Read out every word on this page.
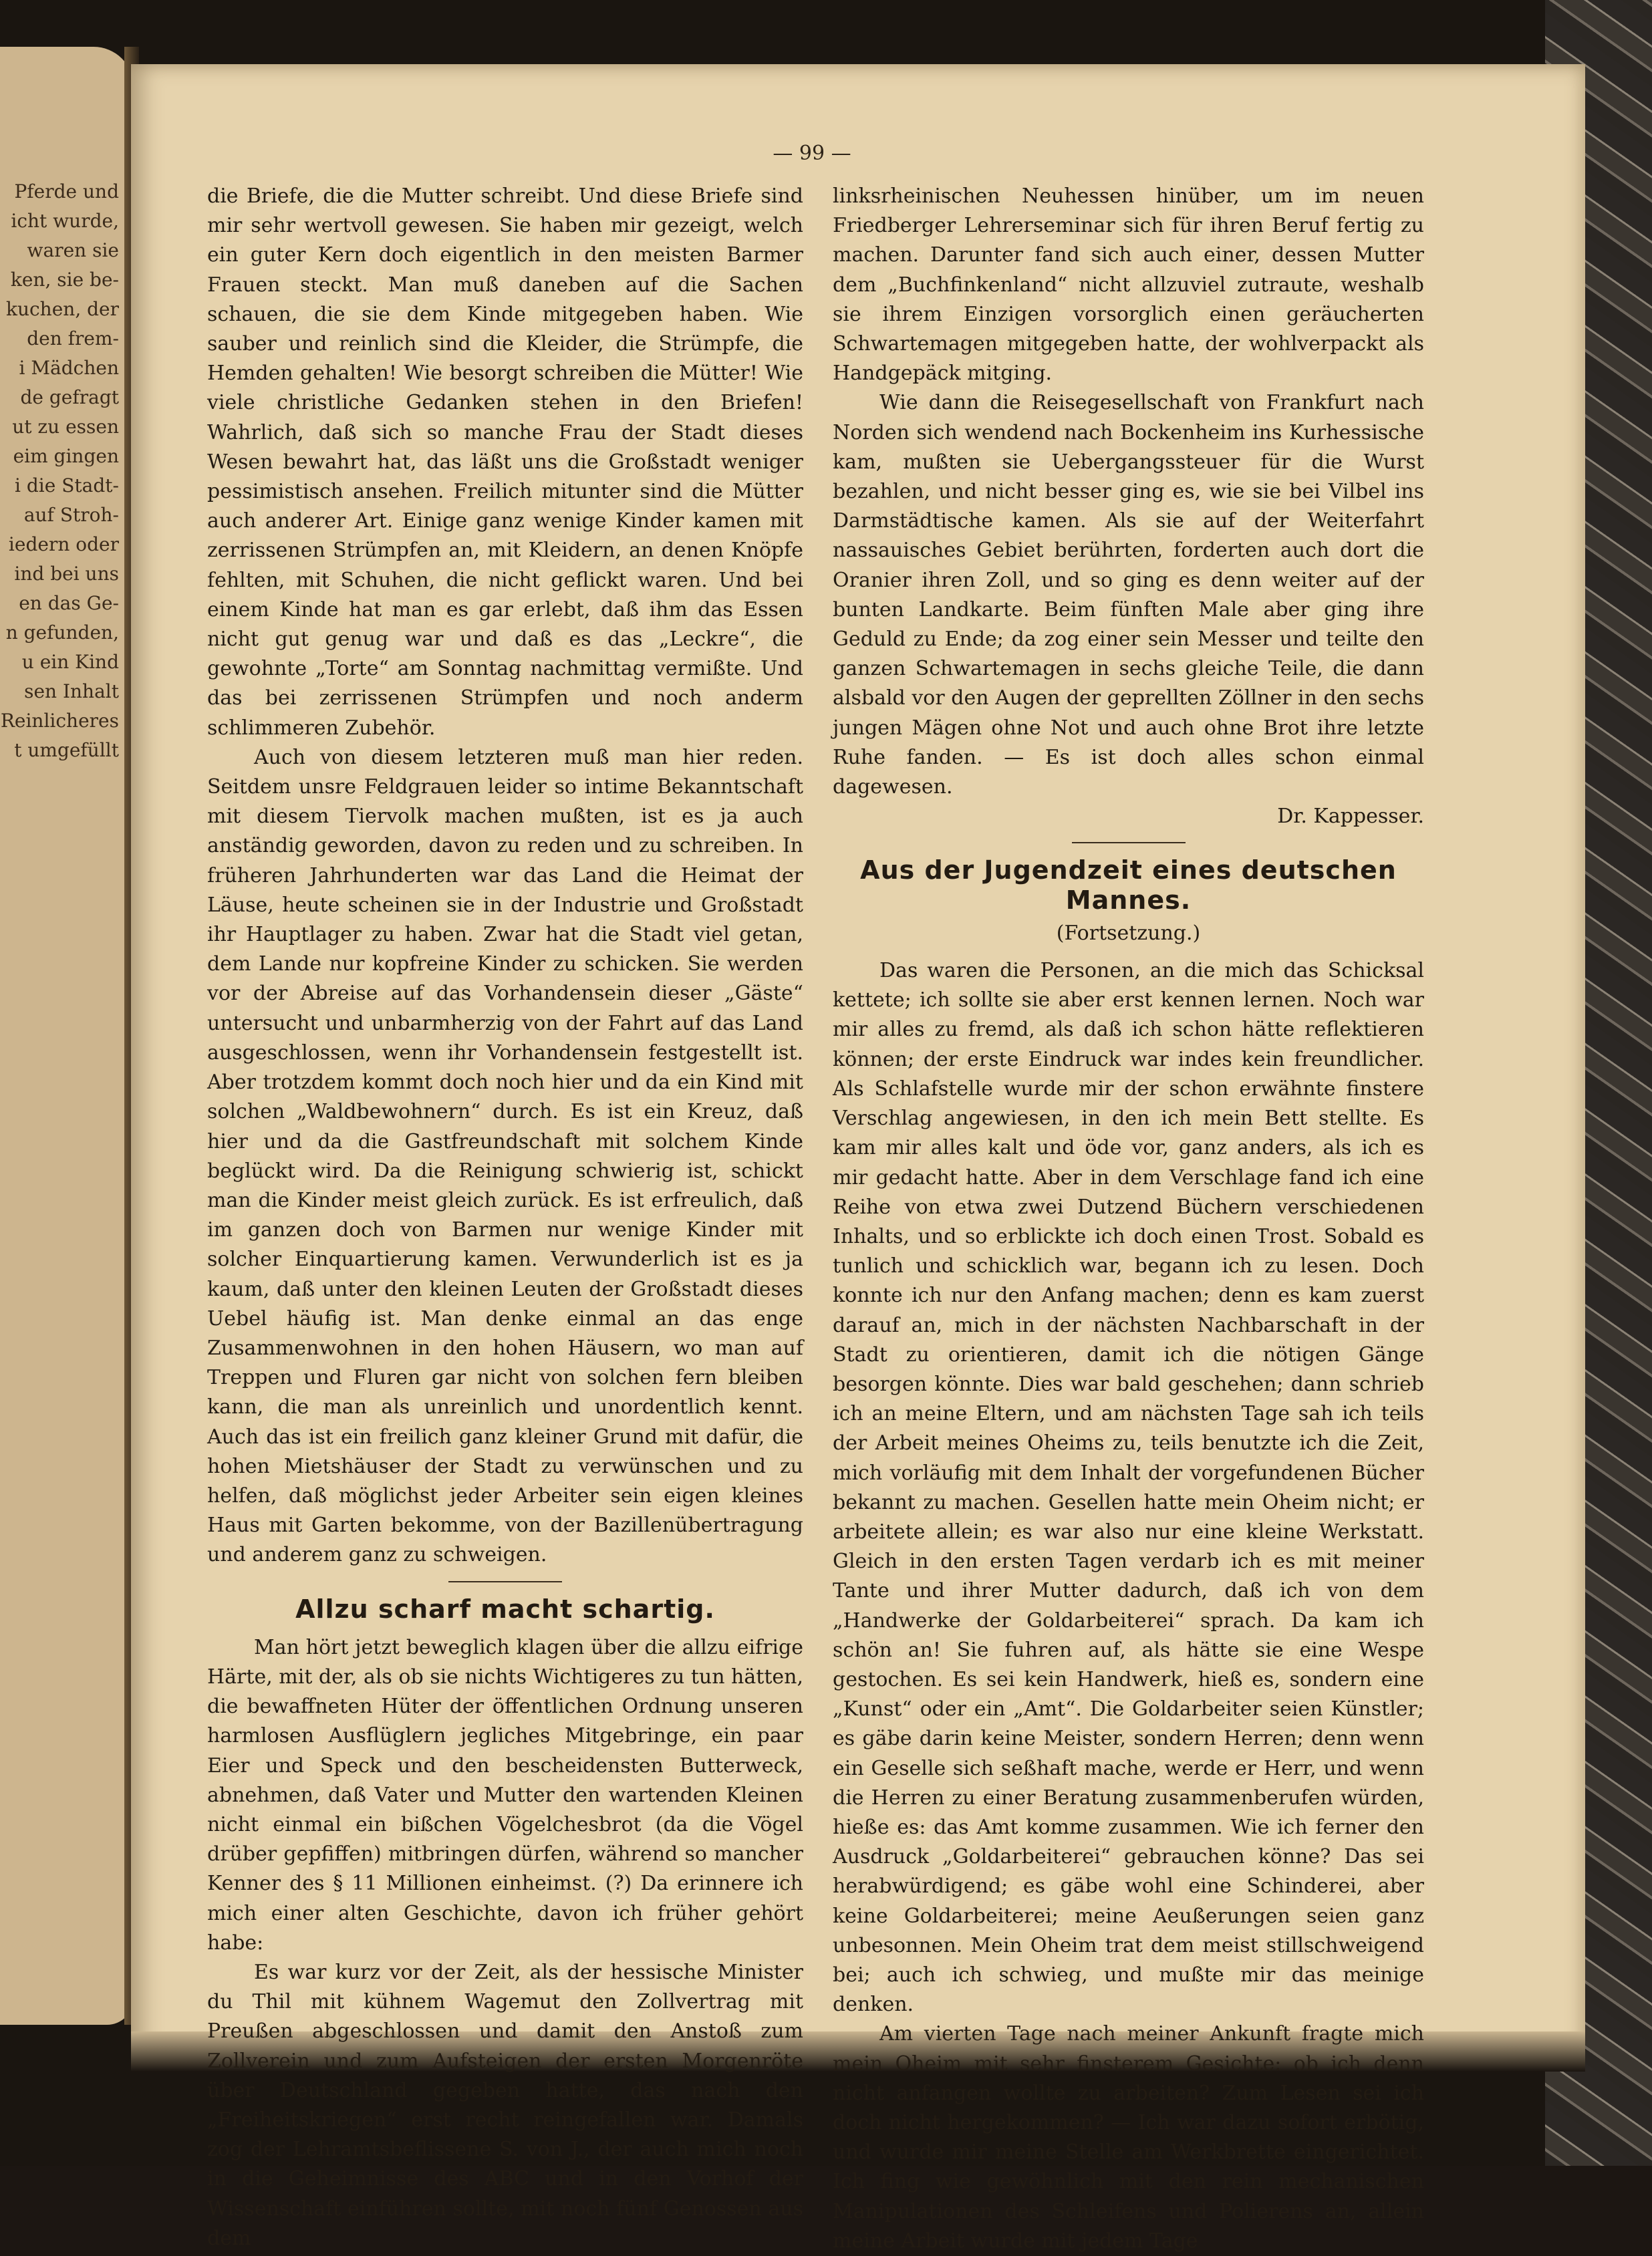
Pferde und
icht wurde,
waren sie
ken, sie be-
kuchen, der
den frem-
i Mädchen
de gefragt
ut zu essen
eim gingen
i die Stadt-
auf Stroh-
iedern oder
ind bei uns
en das Ge-
n gefunden,
u ein Kind
sen Inhalt
Reinlicheres
t umgefüllt
— 99 —

die Briefe, die die Mutter schreibt. Und diese Briefe sind mir sehr wertvoll gewesen. Sie haben mir gezeigt, welch ein guter Kern doch eigentlich in den meisten Barmer Frauen steckt. Man muß daneben auf die Sachen schauen, die sie dem Kinde mitgegeben haben. Wie sauber und reinlich sind die Kleider, die Strümpfe, die Hemden gehalten! Wie besorgt schreiben die Mütter! Wie viele christliche Gedanken stehen in den Briefen! Wahrlich, daß sich so manche Frau der Stadt dieses Wesen bewahrt hat, das läßt uns die Großstadt weniger pessimistisch ansehen. Freilich mitunter sind die Mütter auch anderer Art. Einige ganz wenige Kinder kamen mit zerrissenen Strümpfen an, mit Kleidern, an denen Knöpfe fehlten, mit Schuhen, die nicht geflickt waren. Und bei einem Kinde hat man es gar erlebt, daß ihm das Essen nicht gut genug war und daß es das „Leckre“, die gewohnte „Torte“ am Sonntag nachmittag vermißte. Und das bei zerrissenen Strümpfen und noch anderm schlimmeren Zubehör.

Auch von diesem letzteren muß man hier reden. Seitdem unsre Feldgrauen leider so intime Bekanntschaft mit diesem Tiervolk machen mußten, ist es ja auch anständig geworden, davon zu reden und zu schreiben. In früheren Jahrhunderten war das Land die Heimat der Läuse, heute scheinen sie in der Industrie und Großstadt ihr Hauptlager zu haben. Zwar hat die Stadt viel getan, dem Lande nur kopfreine Kinder zu schicken. Sie werden vor der Abreise auf das Vorhandensein dieser „Gäste“ untersucht und unbarmherzig von der Fahrt auf das Land ausgeschlossen, wenn ihr Vorhandensein festgestellt ist. Aber trotzdem kommt doch noch hier und da ein Kind mit solchen „Waldbewohnern“ durch. Es ist ein Kreuz, daß hier und da die Gastfreundschaft mit solchem Kinde beglückt wird. Da die Reinigung schwierig ist, schickt man die Kinder meist gleich zurück. Es ist erfreulich, daß im ganzen doch von Barmen nur wenige Kinder mit solcher Einquartierung kamen. Verwunderlich ist es ja kaum, daß unter den kleinen Leuten der Großstadt dieses Uebel häufig ist. Man denke einmal an das enge Zusammenwohnen in den hohen Häusern, wo man auf Treppen und Fluren gar nicht von solchen fern bleiben kann, die man als unreinlich und unordentlich kennt. Auch das ist ein freilich ganz kleiner Grund mit dafür, die hohen Mietshäuser der Stadt zu verwünschen und zu helfen, daß möglichst jeder Arbeiter sein eigen kleines Haus mit Garten bekomme, von der Bazillenübertragung und anderem ganz zu schweigen.

Allzu scharf macht schartig.

Man hört jetzt beweglich klagen über die allzu eifrige Härte, mit der, als ob sie nichts Wichtigeres zu tun hätten, die bewaffneten Hüter der öffentlichen Ordnung unseren harmlosen Ausflüglern jegliches Mitgebringe, ein paar Eier und Speck und den bescheidensten Butterweck, abnehmen, daß Vater und Mutter den wartenden Kleinen nicht einmal ein bißchen Vögelchesbrot (da die Vögel drüber gepfiffen) mitbringen dürfen, während so mancher Kenner des § 11 Millionen einheimst. (?) Da erinnere ich mich einer alten Geschichte, davon ich früher gehört habe:

Es war kurz vor der Zeit, als der hessische Minister du Thil mit kühnem Wagemut den Zollvertrag mit Preußen abgeschlossen und damit den Anstoß zum Zollverein und zum Aufsteigen der ersten Morgenröte über Deutschland gegeben hatte, das nach den „Freiheitskriegen“ erst recht reingefallen war. Damals zog der Lehramtsbeflissene S. von J., der auch mich noch in die Geheimnisse des ABC und in den Vorhof der Wissenschaft einführen sollte, mit noch fünf Genossen aus dem

linksrheinischen Neuhessen hinüber, um im neuen Friedberger Lehrerseminar sich für ihren Beruf fertig zu machen. Darunter fand sich auch einer, dessen Mutter dem „Buchfinkenland“ nicht allzuviel zutraute, weshalb sie ihrem Einzigen vorsorglich einen geräucherten Schwartemagen mitgegeben hatte, der wohlverpackt als Handgepäck mitging.

Wie dann die Reisegesellschaft von Frankfurt nach Norden sich wendend nach Bockenheim ins Kurhessische kam, mußten sie Uebergangssteuer für die Wurst bezahlen, und nicht besser ging es, wie sie bei Vilbel ins Darmstädtische kamen. Als sie auf der Weiterfahrt nassauisches Gebiet berührten, forderten auch dort die Oranier ihren Zoll, und so ging es denn weiter auf der bunten Landkarte. Beim fünften Male aber ging ihre Geduld zu Ende; da zog einer sein Messer und teilte den ganzen Schwartemagen in sechs gleiche Teile, die dann alsbald vor den Augen der geprellten Zöllner in den sechs jungen Mägen ohne Not und auch ohne Brot ihre letzte Ruhe fanden. — Es ist doch alles schon einmal dagewesen.

Dr. Kappesser.
Aus der Jugendzeit eines deutschen Mannes.
(Fortsetzung.)

Das waren die Personen, an die mich das Schicksal kettete; ich sollte sie aber erst kennen lernen. Noch war mir alles zu fremd, als daß ich schon hätte reflektieren können; der erste Eindruck war indes kein freundlicher. Als Schlafstelle wurde mir der schon erwähnte finstere Verschlag angewiesen, in den ich mein Bett stellte. Es kam mir alles kalt und öde vor, ganz anders, als ich es mir gedacht hatte. Aber in dem Verschlage fand ich eine Reihe von etwa zwei Dutzend Büchern verschiedenen Inhalts, und so erblickte ich doch einen Trost. Sobald es tunlich und schicklich war, begann ich zu lesen. Doch konnte ich nur den Anfang machen; denn es kam zuerst darauf an, mich in der nächsten Nachbarschaft in der Stadt zu orientieren, damit ich die nötigen Gänge besorgen könnte. Dies war bald geschehen; dann schrieb ich an meine Eltern, und am nächsten Tage sah ich teils der Arbeit meines Oheims zu, teils benutzte ich die Zeit, mich vorläufig mit dem Inhalt der vorgefundenen Bücher bekannt zu machen. Gesellen hatte mein Oheim nicht; er arbeitete allein; es war also nur eine kleine Werkstatt. Gleich in den ersten Tagen verdarb ich es mit meiner Tante und ihrer Mutter dadurch, daß ich von dem „Handwerke der Goldarbeiterei“ sprach. Da kam ich schön an! Sie fuhren auf, als hätte sie eine Wespe gestochen. Es sei kein Handwerk, hieß es, sondern eine „Kunst“ oder ein „Amt“. Die Goldarbeiter seien Künstler; es gäbe darin keine Meister, sondern Herren; denn wenn ein Geselle sich seßhaft mache, werde er Herr, und wenn die Herren zu einer Beratung zusammenberufen würden, hieße es: das Amt komme zusammen. Wie ich ferner den Ausdruck „Goldarbeiterei“ gebrauchen könne? Das sei herabwürdigend; es gäbe wohl eine Schinderei, aber keine Goldarbeiterei; meine Aeußerungen seien ganz unbesonnen. Mein Oheim trat dem meist stillschweigend bei; auch ich schwieg, und mußte mir das meinige denken.

Am vierten Tage nach meiner Ankunft fragte mich mein Oheim mit sehr finsterem Gesichte: ob ich denn nicht anfangen wollte zu arbeiten? Zum Lesen sei ich doch nicht hergekommen? — Ich war dazu sofort erbötig, und wurde mir meine Stelle am Werkbrette eingerichtet. Ich fing wie gewöhnlich mit den rein mechanischen Manipulationen des Schleifens und Polierens an, allein meine Arbeit wurde mit jedem Tage
